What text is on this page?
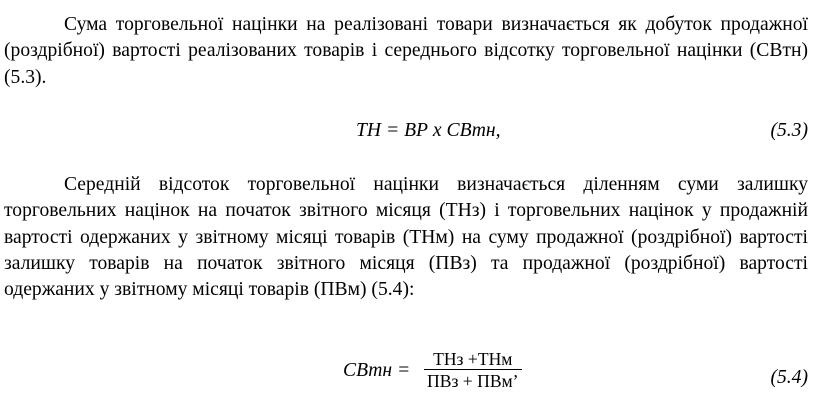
Сума торговельної націнки на реалізовані товари визначається як добуток продажної (роздрібної) вартості реалізованих товарів і середнього відсотку торговельної націнки (СВтн) (5.3).

ТН = ВР х СВтн,	(5.3)

Середній відсоток торговельної націнки визначається діленням суми залишку торговельних націнок на початок звітного місяця (ТНз) і торговельних націнок у продажній вартості одержаних у звітному місяці товарів (ТНм) на суму продажної (роздрібної) вартості залишку товарів на початок звітного місяця (ПВз) та продажної (роздрібної) вартості одержаних у звітному місяці товарів (ПВм) (5.4):

СВтн =
ТНз +ТНм
ПВз + ПВм’	(5.4)
